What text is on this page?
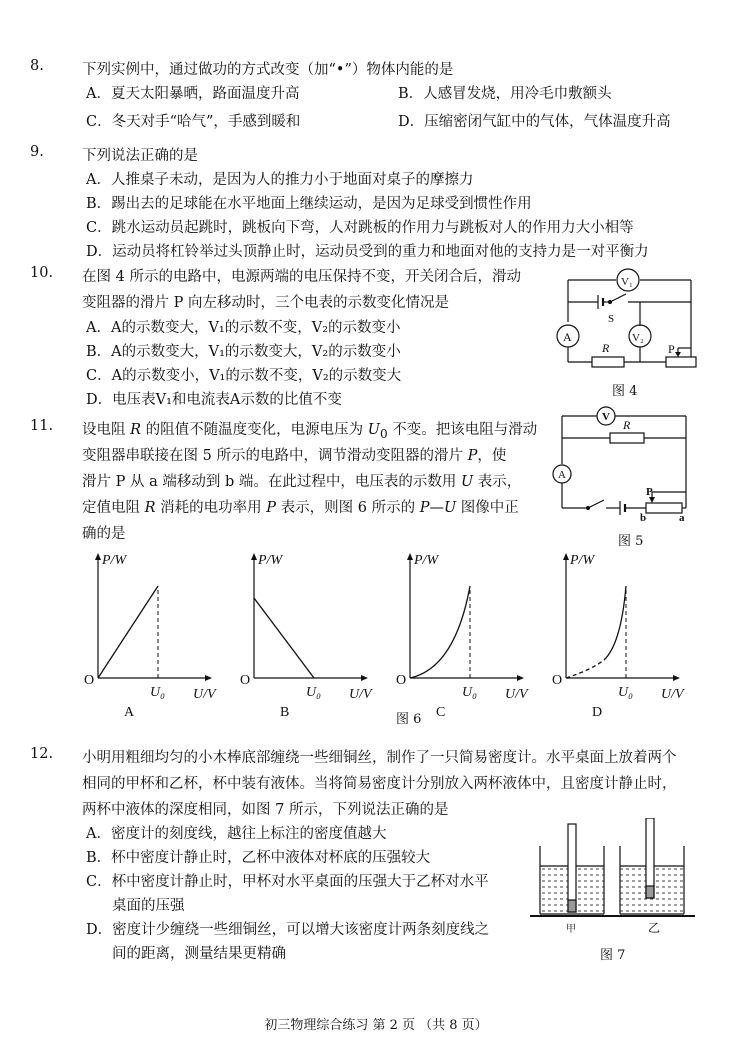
8.	下列实例中，通过做功的方式改变（加“•”）物体内能的是
A．夏天太阳暴晒，路面温度升高	B．人感冒发烧，用冷毛巾敷额头
C．冬天对手“哈气”，手感到暖和	D．压缩密闭气缸中的气体，气体温度升高
9.	下列说法正确的是
A．人推桌子未动，是因为人的推力小于地面对桌子的摩擦力
B．踢出去的足球能在水平地面上继续运动，是因为足球受到惯性作用
C．跳水运动员起跳时，跳板向下弯，人对跳板的作用力与跳板对人的作用力大小相等
D．运动员将杠铃举过头顶静止时，运动员受到的重力和地面对他的支持力是一对平衡力
10. 在图 4 所示的电路中，电源两端的电压保持不变，开关闭合后，滑动
变阻器的滑片 P 向左移动时，三个电表的示数变化情况是
A．A的示数变大，V₁的示数不变，V₂的示数变小
B．A的示数变大，V₁的示数变大，V₂的示数变小
C．A的示数变小，V₁的示数不变，V₂的示数变大
D．电压表V₁和电流表A示数的比值不变
V₁
S
A	V₂
R	P
图 4
11. 设电阻 R 的阻值不随温度变化，电源电压为 $U_0$ 不变。把该电阻与滑动
变阻器串联接在图 5 所示的电路中，调节滑动变阻器的滑片 P，使
滑片 P 从 a 端移动到 b 端。在此过程中，电压表的示数用 U 表示，
定值电阻 R 消耗的电功率用 P 表示，则图 6 所示的 P—U 图像中正
确的是
V
R
A
P
b	a
图 5
P/W
O
U₀ U/V
A
P/W
O
U₀ U/V
B
P/W
O
U₀ U/V
C
P/W
O
U₀ U/V
D
图 6
12. 小明用粗细均匀的小木棒底部缠绕一些细铜丝，制作了一只简易密度计。水平桌面上放着两个
相同的甲杯和乙杯，杯中装有液体。当将简易密度计分别放入两杯液体中，且密度计静止时，
两杯中液体的深度相同，如图 7 所示，下列说法正确的是
A．密度计的刻度线，越往上标注的密度值越大
B．杯中密度计静止时，乙杯中液体对杯底的压强较大
C．杯中密度计静止时，甲杯对水平桌面的压强大于乙杯对水平
桌面的压强
D．密度计少缠绕一些细铜丝，可以增大该密度计两条刻度线之
间的距离，测量结果更精确
甲	乙
图 7
初三物理综合练习 第 2 页 （共 8 页）
